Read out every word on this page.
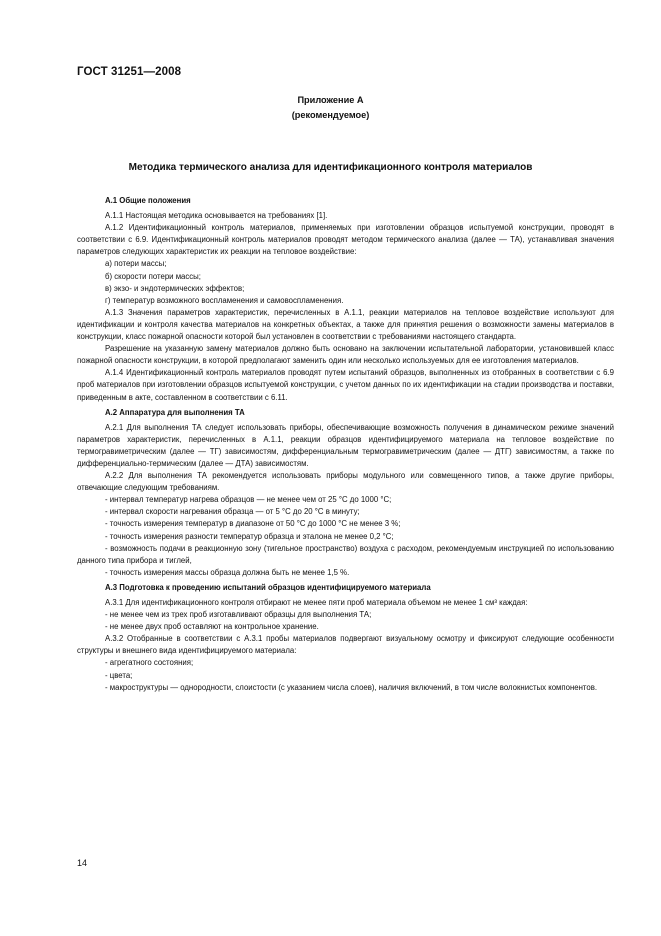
ГОСТ 31251—2008
Приложение А
(рекомендуемое)
Методика термического анализа для идентификационного контроля материалов

А.1 Общие положения

А.1.1 Настоящая методика основывается на требованиях [1].

А.1.2 Идентификационный контроль материалов, применяемых при изготовлении образцов испытуемой конструкции, проводят в соответствии с 6.9. Идентификационный контроль материалов проводят методом термического анализа (далее — ТА), устанавливая значения параметров следующих характеристик их реакции на тепловое воздействие:

а) потери массы;

б) скорости потери массы;

в) экзо- и эндотермических эффектов;

г) температур возможного воспламенения и самовоспламенения.

А.1.3 Значения параметров характеристик, перечисленных в А.1.1, реакции материалов на тепловое воздействие используют для идентификации и контроля качества материалов на конкретных объектах, а также для принятия решения о возможности замены материалов в конструкции, класс пожарной опасности которой был установлен в соответствии с требованиями настоящего стандарта.

Разрешение на указанную замену материалов должно быть основано на заключении испытательной лаборатории, установившей класс пожарной опасности конструкции, в которой предполагают заменить один или несколько используемых для ее изготовления материалов.

А.1.4 Идентификационный контроль материалов проводят путем испытаний образцов, выполненных из отобранных в соответствии с 6.9 проб материалов при изготовлении образцов испытуемой конструкции, с учетом данных по их идентификации на стадии производства и поставки, приведенным в акте, составленном в соответствии с 6.11.

А.2 Аппаратура для выполнения ТА

А.2.1 Для выполнения ТА следует использовать приборы, обеспечивающие возможность получения в динамическом режиме значений параметров характеристик, перечисленных в А.1.1, реакции образцов идентифицируемого материала на тепловое воздействие по термогравиметрическим (далее — ТГ) зависимостям, дифференциальным термогравиметрическим (далее — ДТГ) зависимостям, а также по дифференциально-термическим (далее — ДТА) зависимостям.

А.2.2 Для выполнения ТА рекомендуется использовать приборы модульного или совмещенного типов, а также другие приборы, отвечающие следующим требованиям.

- интервал температур нагрева образцов — не менее чем от 25 °С до 1000 °С;

- интервал скорости нагревания образца — от 5 °С до 20 °С в минуту;

- точность измерения температур в диапазоне от 50 °С до 1000 °С не менее 3 %;

- точность измерения разности температур образца и эталона не менее 0,2 °С;

- возможность подачи в реакционную зону (тигельное пространство) воздуха с расходом, рекомендуемым инструкцией по использованию данного типа прибора и тиглей,

- точность измерения массы образца должна быть не менее 1,5 %.

А.3 Подготовка к проведению испытаний образцов идентифицируемого материала

А.3.1 Для идентификационного контроля отбирают не менее пяти проб материала объемом не менее 1 см³ каждая:

- не менее чем из трех проб изготавливают образцы для выполнения ТА;

- не менее двух проб оставляют на контрольное хранение.

А.3.2 Отобранные в соответствии с А.3.1 пробы материалов подвергают визуальному осмотру и фиксируют следующие особенности структуры и внешнего вида идентифицируемого материала:

- агрегатного состояния;

- цвета;

- макроструктуры — однородности, слоистости (с указанием числа слоев), наличия включений, в том числе волокнистых компонентов.

14
